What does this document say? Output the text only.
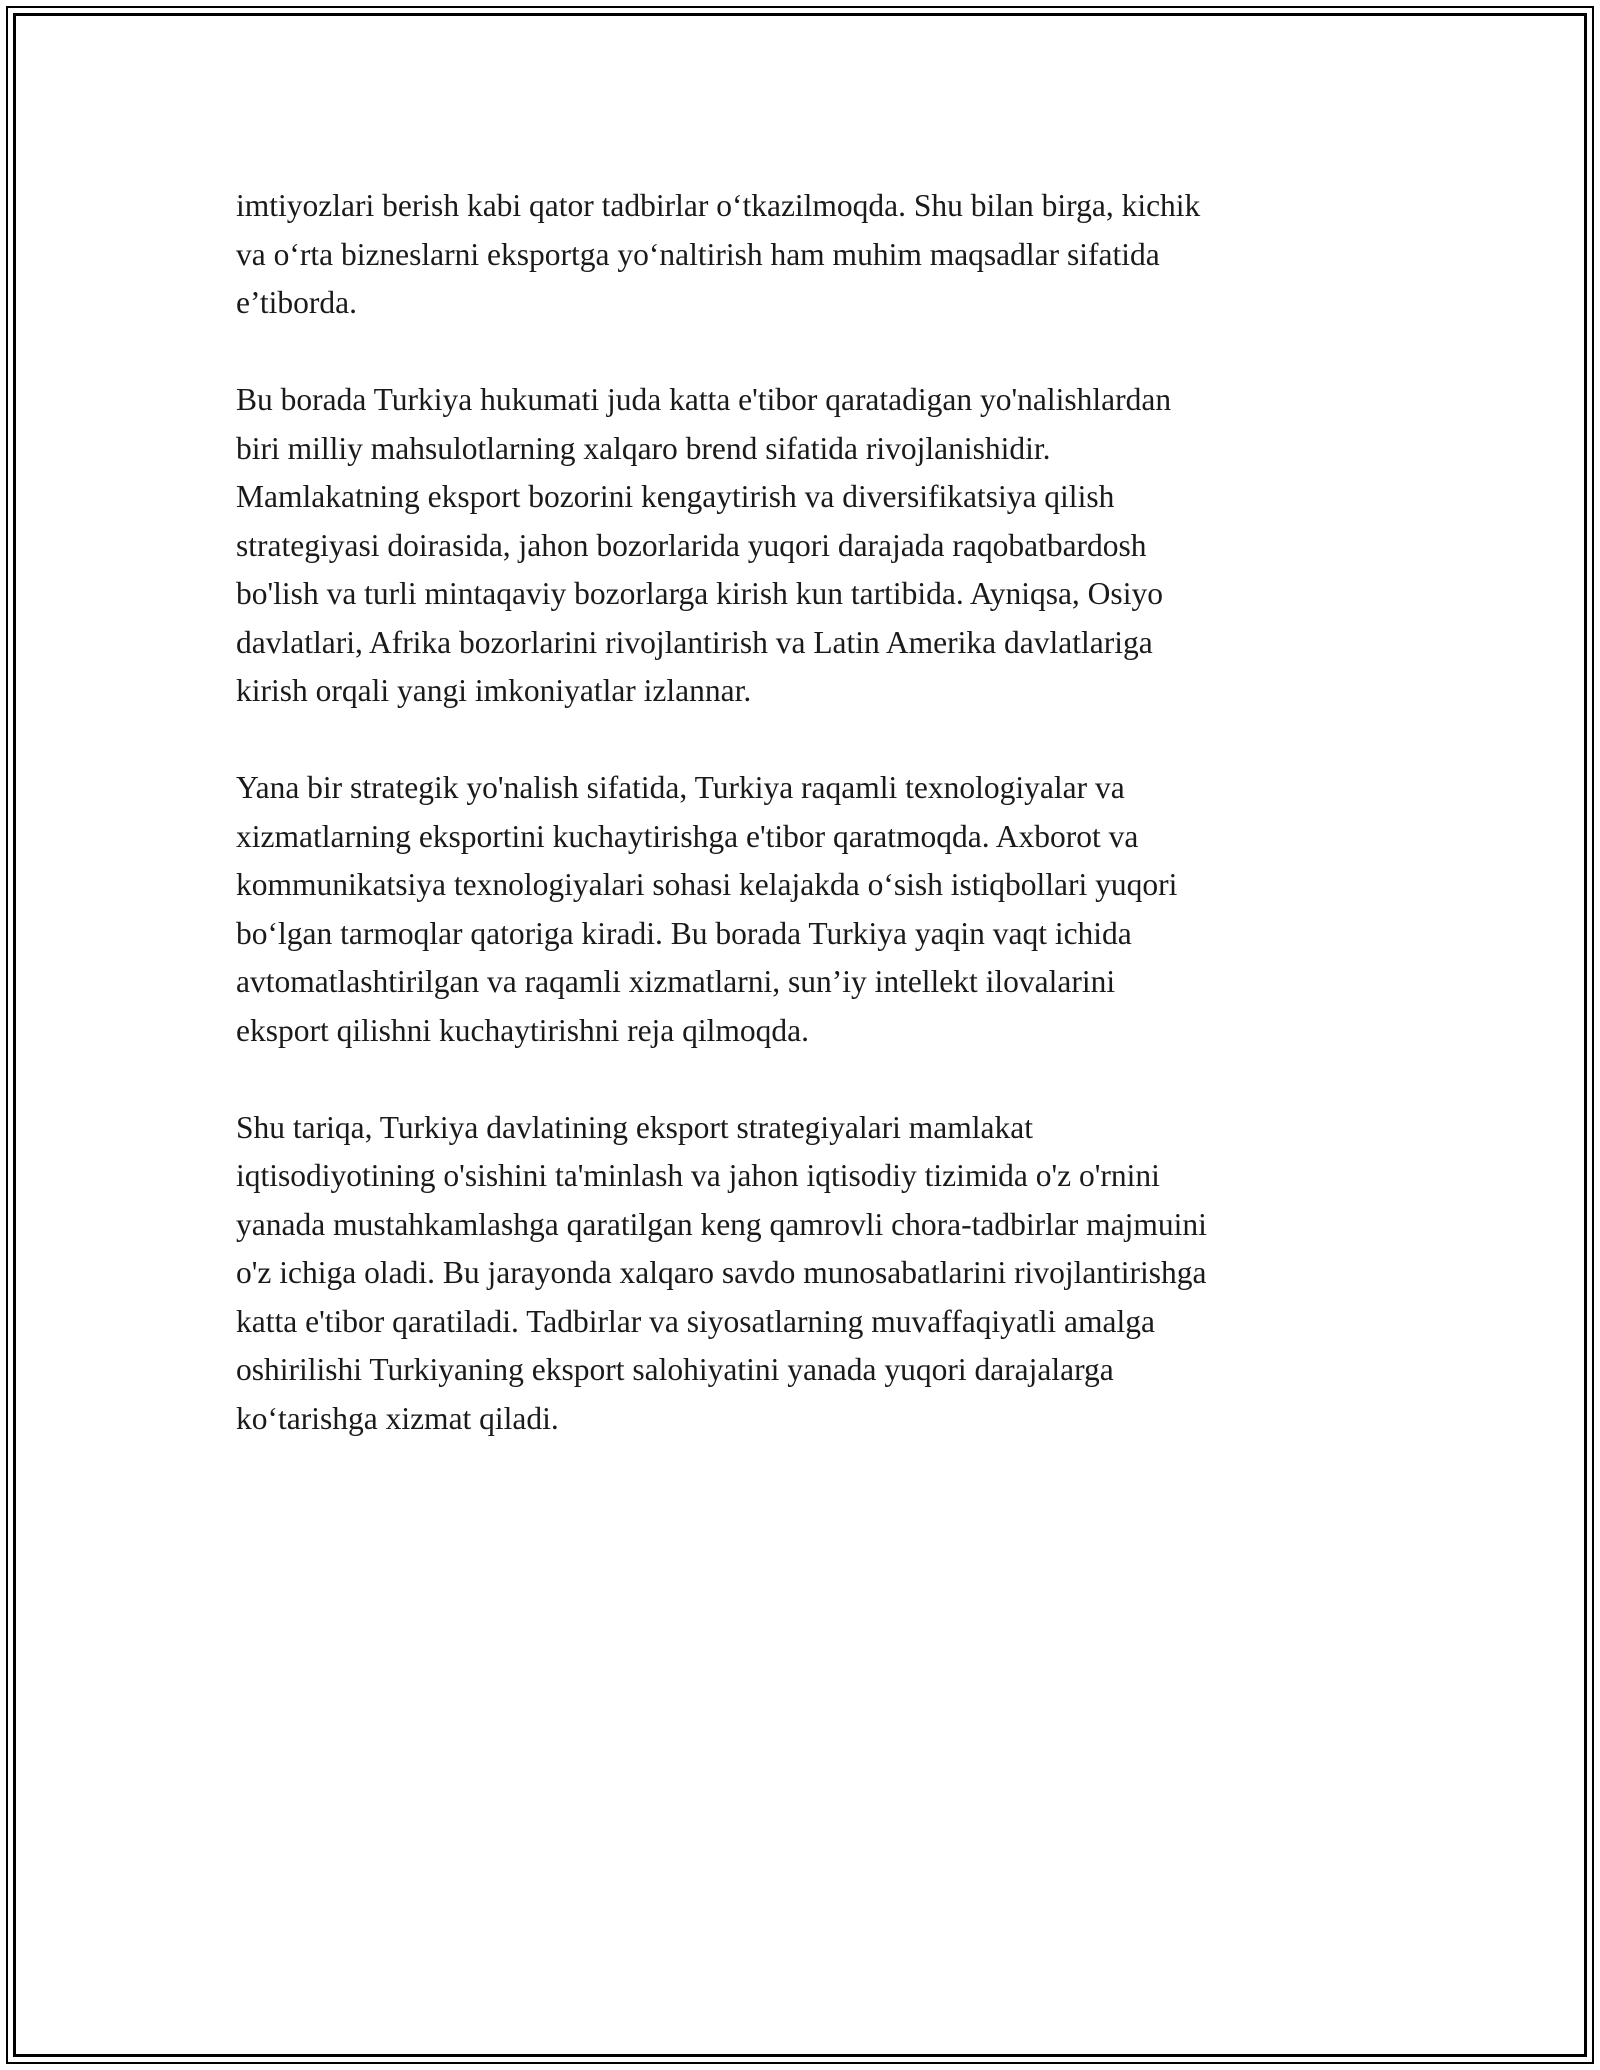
imtiyozlari berish kabi qator tadbirlar o‘tkazilmoqda. Shu bilan birga, kichik
va o‘rta bizneslarni eksportga yo‘naltirish ham muhim maqsadlar sifatida
e’tiborda.

Bu borada Turkiya hukumati juda katta e'tibor qaratadigan yo'nalishlardan
biri milliy mahsulotlarning xalqaro brend sifatida rivojlanishidir.
Mamlakatning eksport bozorini kengaytirish va diversifikatsiya qilish
strategiyasi doirasida, jahon bozorlarida yuqori darajada raqobatbardosh
bo'lish va turli mintaqaviy bozorlarga kirish kun tartibida. Ayniqsa, Osiyo
davlatlari, Afrika bozorlarini rivojlantirish va Latin Amerika davlatlariga
kirish orqali yangi imkoniyatlar izlannar.

Yana bir strategik yo'nalish sifatida, Turkiya raqamli texnologiyalar va
xizmatlarning eksportini kuchaytirishga e'tibor qaratmoqda. Axborot va
kommunikatsiya texnologiyalari sohasi kelajakda o‘sish istiqbollari yuqori
bo‘lgan tarmoqlar qatoriga kiradi. Bu borada Turkiya yaqin vaqt ichida
avtomatlashtirilgan va raqamli xizmatlarni, sun’iy intellekt ilovalarini
eksport qilishni kuchaytirishni reja qilmoqda.

Shu tariqa, Turkiya davlatining eksport strategiyalari mamlakat
iqtisodiyotining o'sishini ta'minlash va jahon iqtisodiy tizimida o'z o'rnini
yanada mustahkamlashga qaratilgan keng qamrovli chora-tadbirlar majmuini
o'z ichiga oladi. Bu jarayonda xalqaro savdo munosabatlarini rivojlantirishga
katta e'tibor qaratiladi. Tadbirlar va siyosatlarning muvaffaqiyatli amalga
oshirilishi Turkiyaning eksport salohiyatini yanada yuqori darajalarga
ko‘tarishga xizmat qiladi.
